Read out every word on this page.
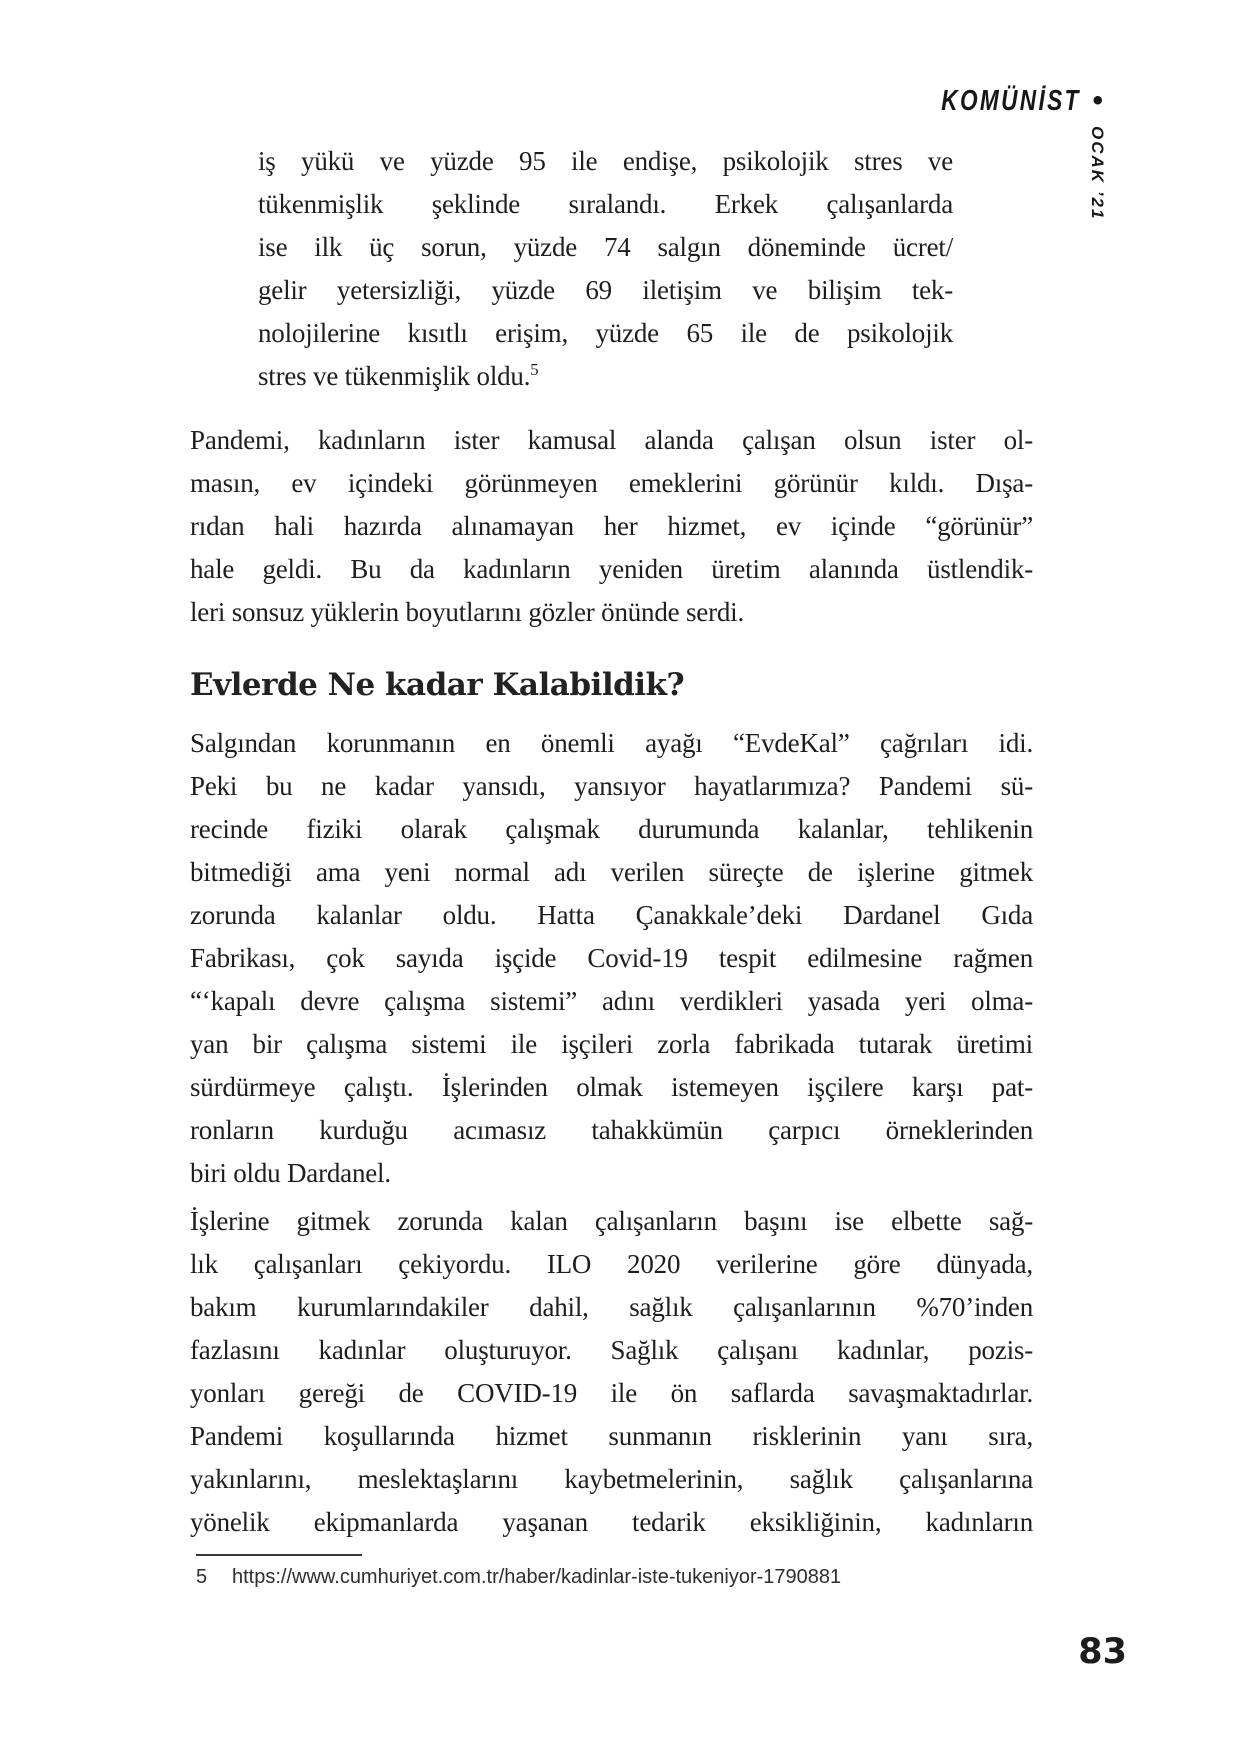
KOMÜNİST •
OCAK ’21
iş yükü ve yüzde 95 ile endişe, psikolojik stres ve
tükenmişlik şeklinde sıralandı. Erkek çalışanlarda
ise ilk üç sorun, yüzde 74 salgın döneminde ücret/
gelir yetersizliği, yüzde 69 iletişim ve bilişim tek-
nolojilerine kısıtlı erişim, yüzde 65 ile de psikolojik
stres ve tükenmişlik oldu.$^5$
Pandemi, kadınların ister kamusal alanda çalışan olsun ister ol-
masın, ev içindeki görünmeyen emeklerini görünür kıldı. Dışa-
rıdan hali hazırda alınamayan her hizmet, ev içinde “görünür”
hale geldi. Bu da kadınların yeniden üretim alanında üstlendik-
leri sonsuz yüklerin boyutlarını gözler önünde serdi.
Evlerde Ne kadar Kalabildik?
Salgından korunmanın en önemli ayağı “EvdeKal” çağrıları idi.
Peki bu ne kadar yansıdı, yansıyor hayatlarımıza? Pandemi sü-
recinde fiziki olarak çalışmak durumunda kalanlar, tehlikenin
bitmediği ama yeni normal adı verilen süreçte de işlerine gitmek
zorunda kalanlar oldu. Hatta Çanakkale’deki Dardanel Gıda
Fabrikası, çok sayıda işçide Covid-19 tespit edilmesine rağmen
“‘kapalı devre çalışma sistemi” adını verdikleri yasada yeri olma-
yan bir çalışma sistemi ile işçileri zorla fabrikada tutarak üretimi
sürdürmeye çalıştı. İşlerinden olmak istemeyen işçilere karşı pat-
ronların kurduğu acımasız tahakkümün çarpıcı örneklerinden
biri oldu Dardanel.
İşlerine gitmek zorunda kalan çalışanların başını ise elbette sağ-
lık çalışanları çekiyordu. ILO 2020 verilerine göre dünyada,
bakım kurumlarındakiler dahil, sağlık çalışanlarının %70’inden
fazlasını kadınlar oluşturuyor. Sağlık çalışanı kadınlar, pozis-
yonları gereği de COVID-19 ile ön saflarda savaşmaktadırlar.
Pandemi koşullarında hizmet sunmanın risklerinin yanı sıra,
yakınlarını, meslektaşlarını kaybetmelerinin, sağlık çalışanlarına
yönelik ekipmanlarda yaşanan tedarik eksikliğinin, kadınların
5 https://www.cumhuriyet.com.tr/haber/kadinlar-iste-tukeniyor-1790881
83
